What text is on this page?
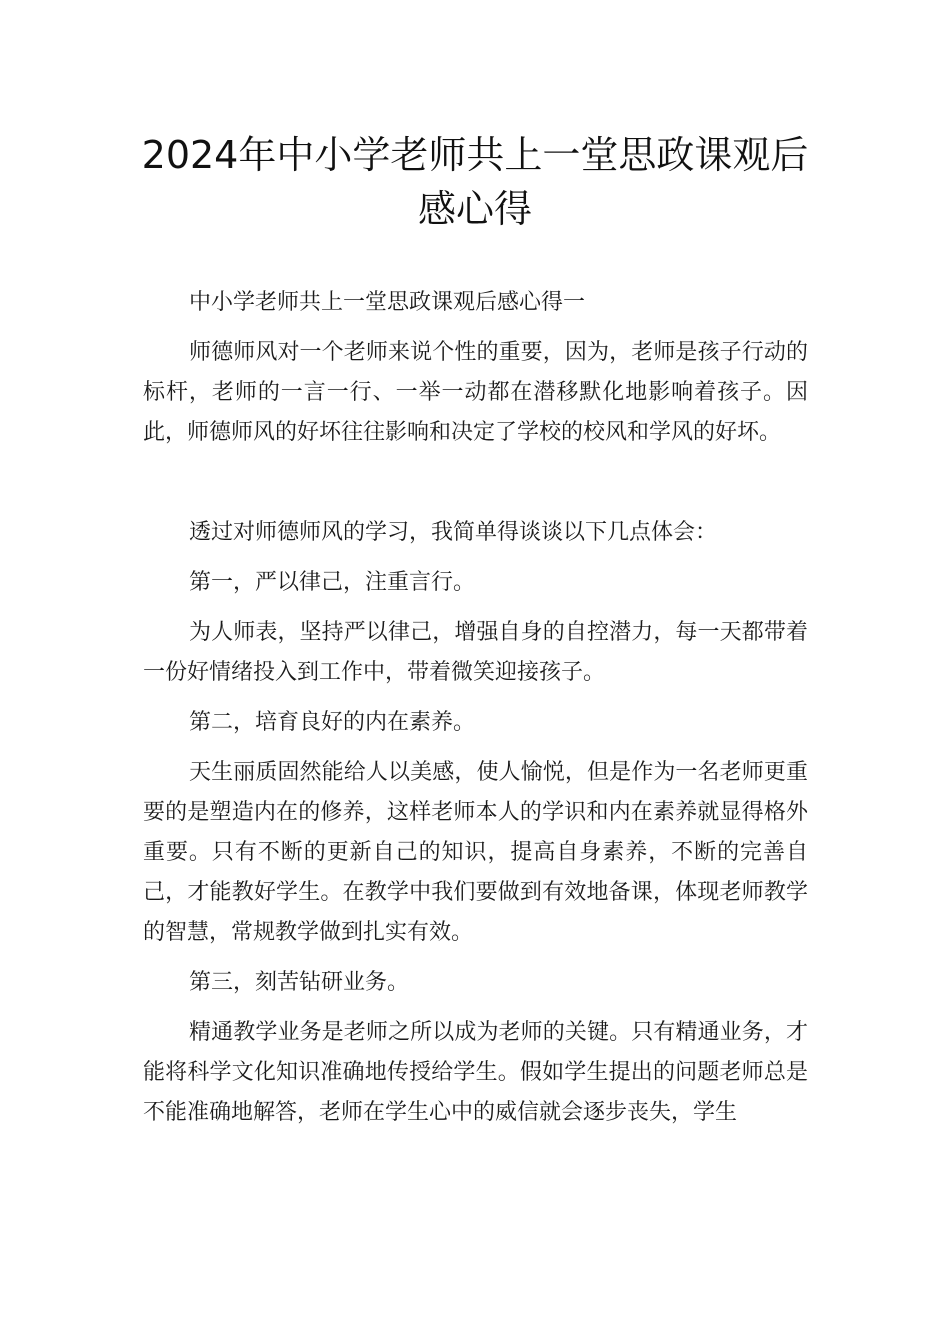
2024年中小学老师共上一堂思政课观后
感心得

中小学老师共上一堂思政课观后感心得一

师德师风对一个老师来说个性的重要，因为，老师是孩子行动的标杆，老师的一言一行、一举一动都在潜移默化地影响着孩子。因此，师德师风的好坏往往影响和决定了学校的校风和学风的好坏。

透过对师德师风的学习，我简单得谈谈以下几点体会：

第一，严以律己，注重言行。

为人师表，坚持严以律己，增强自身的自控潜力，每一天都带着一份好情绪投入到工作中，带着微笑迎接孩子。

第二，培育良好的内在素养。

天生丽质固然能给人以美感，使人愉悦，但是作为一名老师更重要的是塑造内在的修养，这样老师本人的学识和内在素养就显得格外重要。只有不断的更新自己的知识，提高自身素养，不断的完善自己，才能教好学生。在教学中我们要做到有效地备课，体现老师教学的智慧，常规教学做到扎实有效。

第三，刻苦钻研业务。

精通教学业务是老师之所以成为老师的关键。只有精通业务，才能将科学文化知识准确地传授给学生。假如学生提出的问题老师总是不能准确地解答，老师在学生心中的威信就会逐步丧失，学生
